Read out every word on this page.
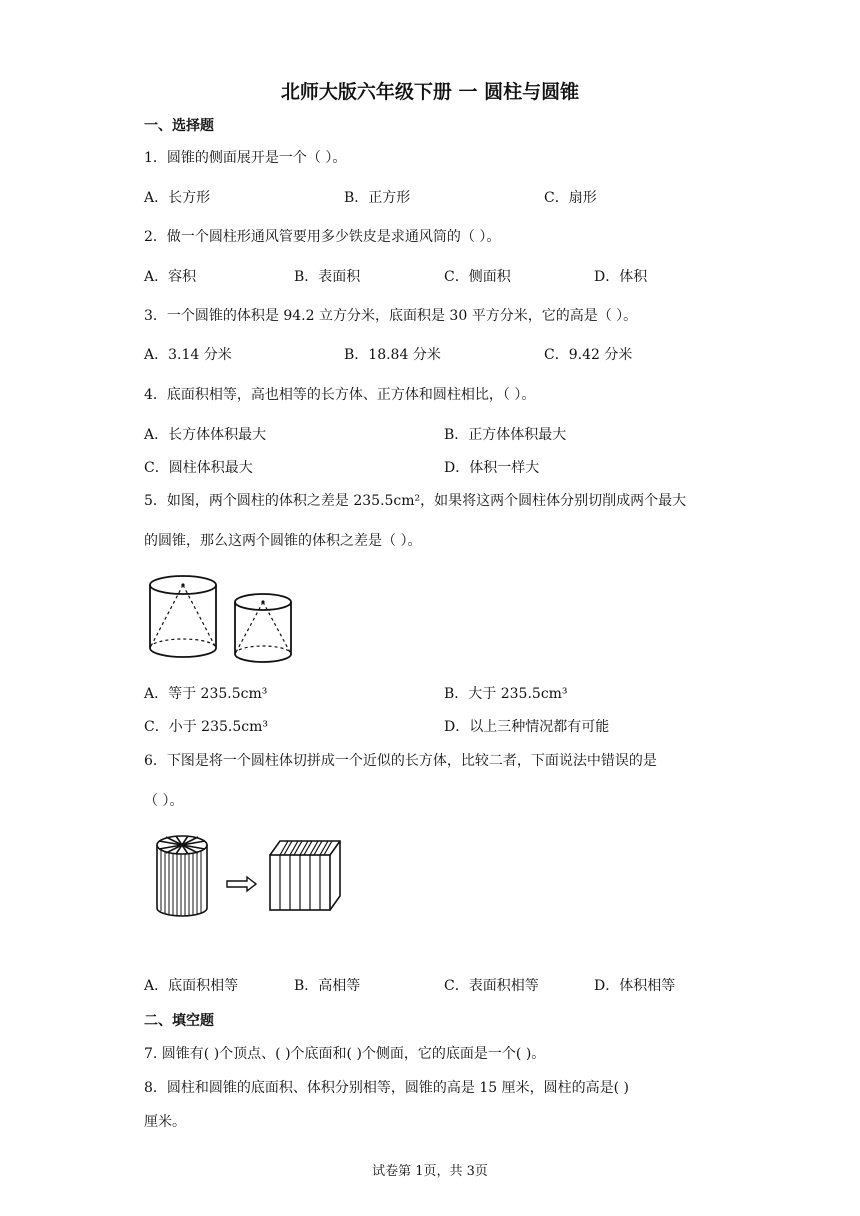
北师大版六年级下册 一 圆柱与圆锥
一、选择题
1．圆锥的侧面展开是一个（ ）。
A．长方形	B．正方形	C．扇形
2．做一个圆柱形通风管要用多少铁皮是求通风筒的（ ）。
A．容积	B．表面积	C．侧面积	D．体积
3．一个圆锥的体积是 94.2 立方分米，底面积是 30 平方分米，它的高是（ ）。
A．3.14 分米	B．18.84 分米	C．9.42 分米
4．底面积相等，高也相等的长方体、正方体和圆柱相比，（ ）。
A．长方体体积最大	B．正方体体积最大
C．圆柱体积最大	D．体积一样大
5．如图，两个圆柱的体积之差是 235.5cm²，如果将这两个圆柱体分别切削成两个最大
的圆锥，那么这两个圆锥的体积之差是（ ）。
A．等于 235.5cm³	B．大于 235.5cm³
C．小于 235.5cm³	D．以上三种情况都有可能
6．下图是将一个圆柱体切拼成一个近似的长方体，比较二者，下面说法中错误的是
（ ）。
A．底面积相等	B．高相等	C．表面积相等	D．体积相等
二、填空题
7. 圆锥有( )个顶点、( )个底面和( )个侧面，它的底面是一个( )。
8．圆柱和圆锥的底面积、体积分别相等，圆锥的高是 15 厘米，圆柱的高是( )
厘米。
试卷第 1页，共 3页
